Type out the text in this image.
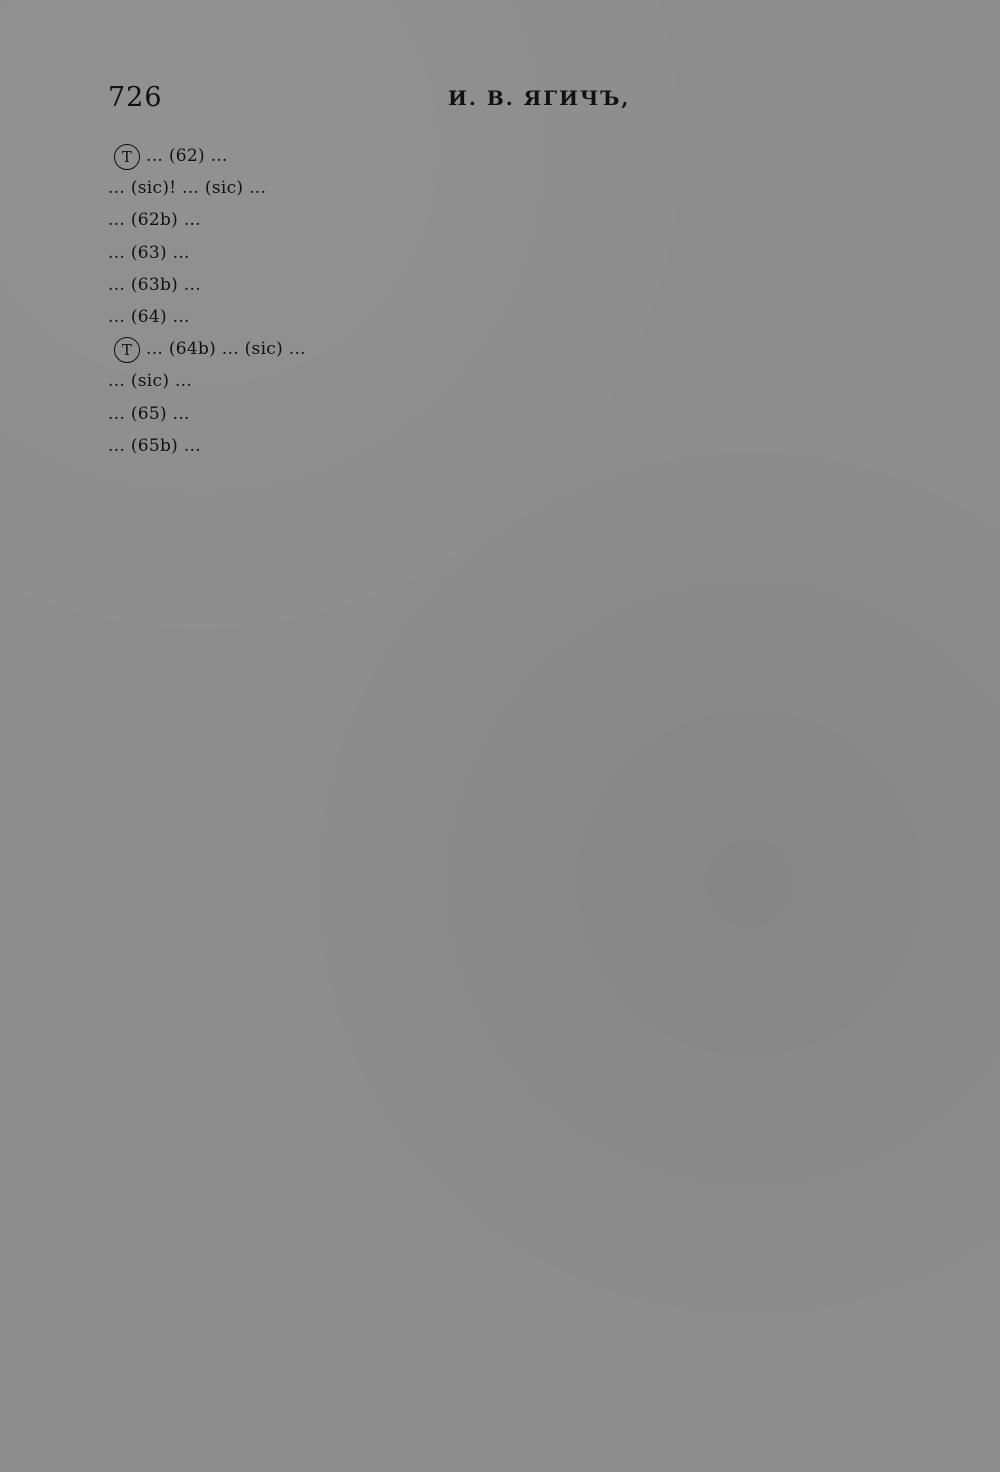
726	И. В. ЯГИЧЪ,
Т ... (62) ...
... (sic)! ... (sic) ...
... (62b) ...
... (63) ...
... (63b) ...
... (64) ...
Т ... (64b) ... (sic) ...
... (sic) ...
... (65) ...
... (65b) ...
